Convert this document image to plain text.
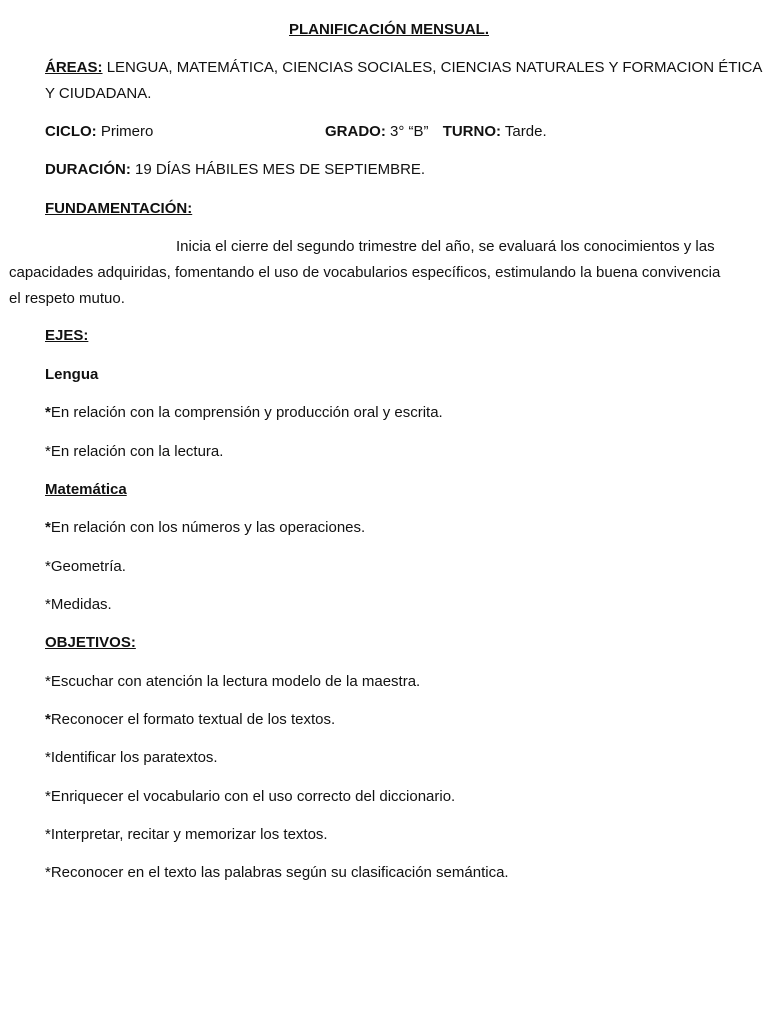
PLANIFICACIÓN MENSUAL.
ÁREAS: LENGUA, MATEMÁTICA, CIENCIAS SOCIALES, CIENCIAS NATURALES Y FORMACION ÉTICA
Y CIUDADANA.
CICLO: Primero	GRADO: 3° “B” TURNO: Tarde.
DURACIÓN: 19 DÍAS HÁBILES MES DE SEPTIEMBRE.
FUNDAMENTACIÓN:
Inicia el cierre del segundo trimestre del año, se evaluará los conocimientos y las
capacidades adquiridas, fomentando el uso de vocabularios específicos, estimulando la buena convivencia
el respeto mutuo.
EJES:
Lengua
*En relación con la comprensión y producción oral y escrita.
*En relación con la lectura.
Matemática
*En relación con los números y las operaciones.
*Geometría.
*Medidas.
OBJETIVOS:
*Escuchar con atención la lectura modelo de la maestra.
*Reconocer el formato textual de los textos.
*Identificar los paratextos.
*Enriquecer el vocabulario con el uso correcto del diccionario.
*Interpretar, recitar y memorizar los textos.
*Reconocer en el texto las palabras según su clasificación semántica.
